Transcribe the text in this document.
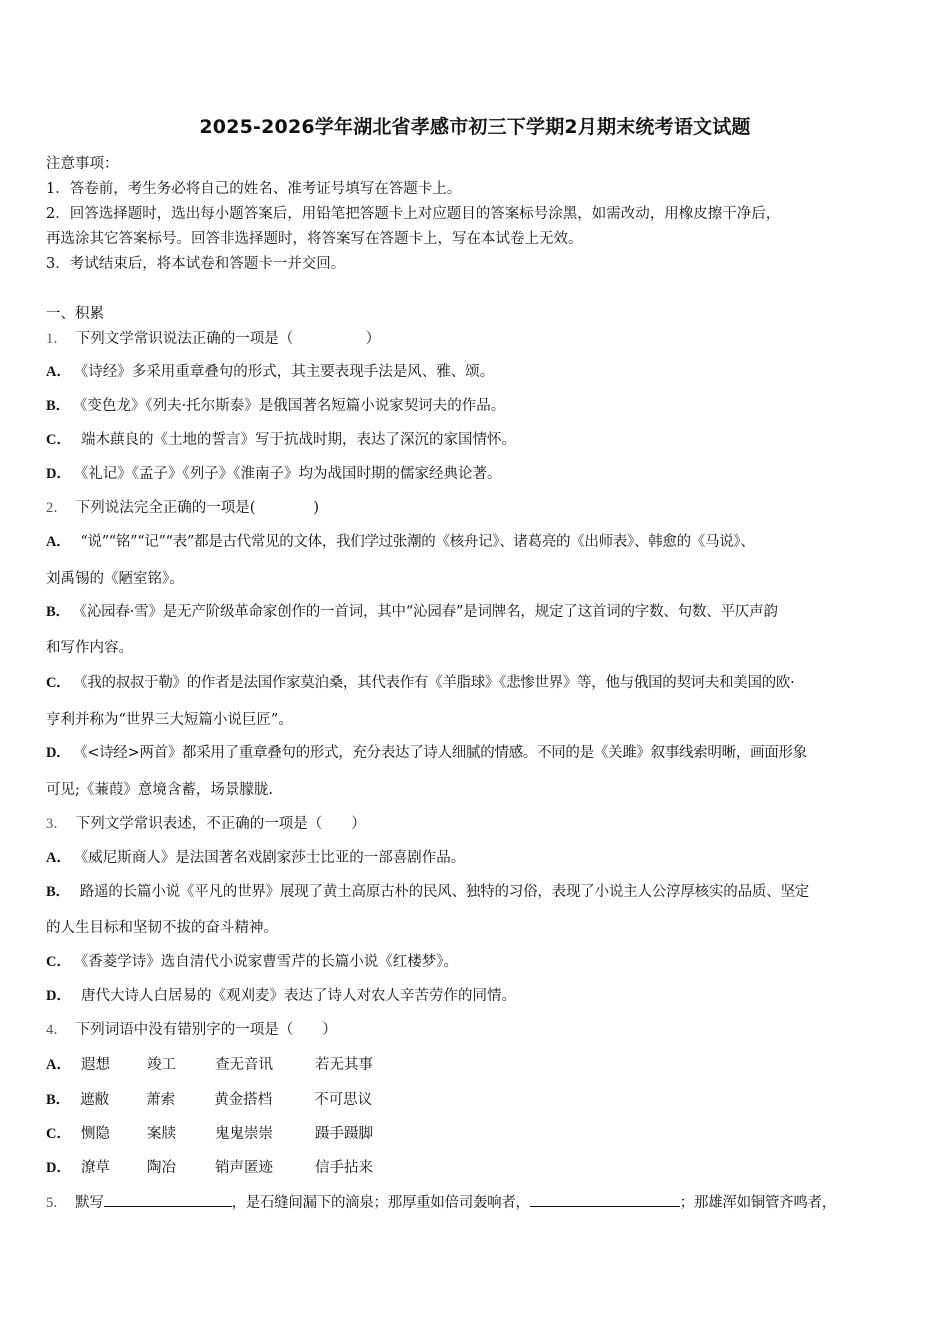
2025-2026学年湖北省孝感市初三下学期2月期末统考语文试题
注意事项：
1．答卷前，考生务必将自己的姓名、准考证号填写在答题卡上。
2．回答选择题时，选出每小题答案后，用铅笔把答题卡上对应题目的答案标号涂黑，如需改动，用橡皮擦干净后，
再选涂其它答案标号。回答非选择题时，将答案写在答题卡上，写在本试卷上无效。
3．考试结束后，将本试卷和答题卡一并交回。
一、积累
1． 下列文学常识说法正确的一项是（　　　　　）
A． 《诗经》多采用重章叠句的形式，其主要表现手法是风、雅、颂。
B． 《变色龙》《列夫·托尔斯泰》是俄国著名短篇小说家契诃夫的作品。
C． 端木蕻良的《土地的誓言》写于抗战时期，表达了深沉的家国情怀。
D． 《礼记》《孟子》《列子》《淮南子》均为战国时期的儒家经典论著。
2． 下列说法完全正确的一项是(　　　　)
A． “说”“铭”“记”“表”都是古代常见的文体，我们学过张潮的《核舟记》、诸葛亮的《出师表》、韩愈的《马说》、
刘禹锡的《陋室铭》。
B． 《沁园春·雪》是无产阶级革命家创作的一首词，其中“沁园春”是词牌名，规定了这首词的字数、句数、平仄声韵
和写作内容。
C． 《我的叔叔于勒》的作者是法国作家莫泊桑，其代表作有《羊脂球》《悲惨世界》等，他与俄国的契诃夫和美国的欧·
亨利并称为“世界三大短篇小说巨匠”。
D． 《<诗经>两首》都采用了重章叠句的形式，充分表达了诗人细腻的情感。不同的是《关雎》叙事线索明晰，画面形象
可见;《蒹葭》意境含蓄，场景朦胧.
3． 下列文学常识表述，不正确的一项是（　　）
A． 《威尼斯商人》是法国著名戏剧家莎士比亚的一部喜剧作品。
B． 路遥的长篇小说《平凡的世界》展现了黄土高原古朴的民风、独特的习俗，表现了小说主人公淳厚核实的品质、坚定
的人生目标和坚韧不拔的奋斗精神。
C． 《香菱学诗》选自清代小说家曹雪芹的长篇小说《红楼梦》。
D． 唐代大诗人白居易的《观刈麦》表达了诗人对农人辛苦劳作的同情。
4． 下列词语中没有错别字的一项是（　　）
A． 遐想	竣工	查无音讯	若无其事
B． 遮敝	萧索	黄金搭档	不可思议
C． 恻隐	案牍	鬼鬼崇崇	蹑手蹑脚
D． 潦草	陶冶	销声匿迹	信手拈来
5． 默写	，是石缝间漏下的滴泉；那厚重如倍司轰响者，	；那雄浑如铜管齐鸣者，
